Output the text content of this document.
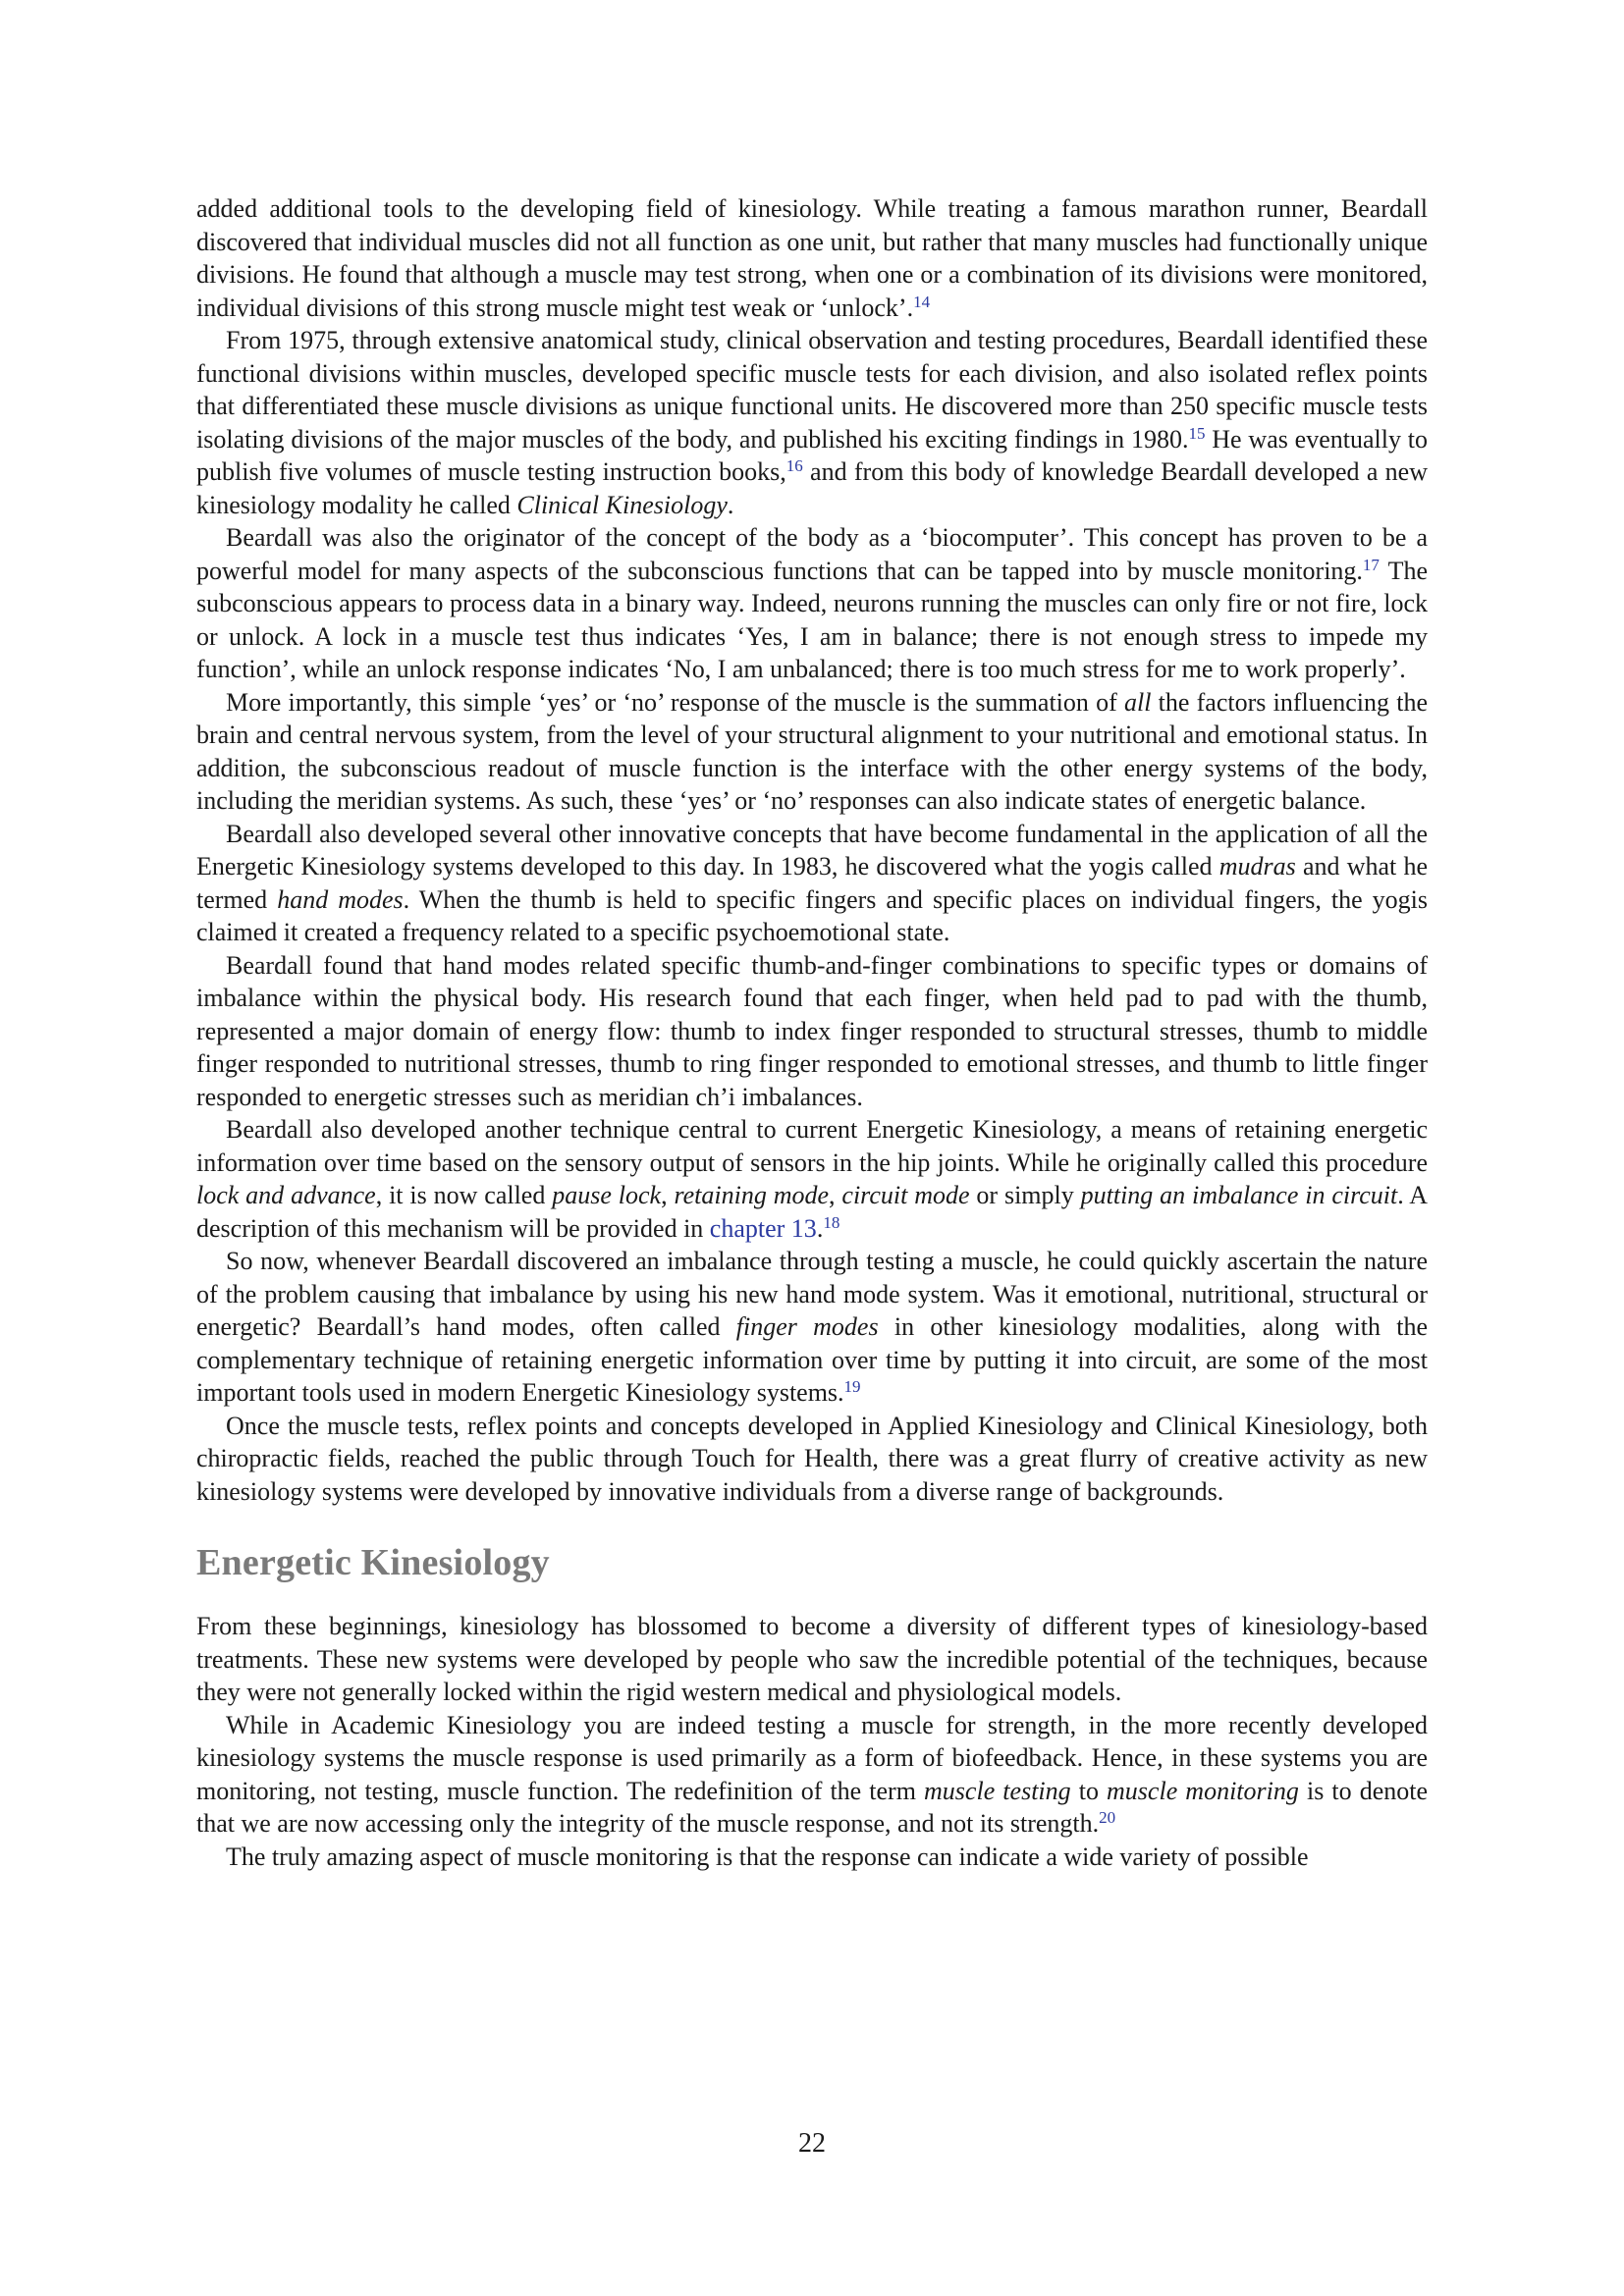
added additional tools to the developing field of kinesiology. While treating a famous marathon runner, Beardall discovered that individual muscles did not all function as one unit, but rather that many muscles had functionally unique divisions. He found that although a muscle may test strong, when one or a combination of its divisions were monitored, individual divisions of this strong muscle might test weak or ‘unlock’.$^{14}$

From 1975, through extensive anatomical study, clinical observation and testing procedures, Beardall identified these functional divisions within muscles, developed specific muscle tests for each division, and also isolated reflex points that differentiated these muscle divisions as unique functional units. He discovered more than 250 specific muscle tests isolating divisions of the major muscles of the body, and published his exciting findings in 1980.15 He was eventually to publish five volumes of muscle testing instruction books,$^{16}$ and from this body of knowledge Beardall developed a new kinesiology modality he called Clinical Kinesiology.

Beardall was also the originator of the concept of the body as a ‘biocomputer’. This concept has proven to be a powerful model for many aspects of the subconscious functions that can be tapped into by muscle monitoring.$^{17}$ The subconscious appears to process data in a binary way. Indeed, neurons running the muscles can only fire or not fire, lock or unlock. A lock in a muscle test thus indicates ‘Yes, I am in balance; there is not enough stress to impede my function’, while an unlock response indicates ‘No, I am unbalanced; there is too much stress for me to work properly’.

More importantly, this simple ‘yes’ or ‘no’ response of the muscle is the summation of all the factors influencing the brain and central nervous system, from the level of your structural alignment to your nutritional and emotional status. In addition, the subconscious readout of muscle function is the interface with the other energy systems of the body, including the meridian systems. As such, these ‘yes’ or ‘no’ responses can also indicate states of energetic balance.

Beardall also developed several other innovative concepts that have become fundamental in the application of all the Energetic Kinesiology systems developed to this day. In 1983, he discovered what the yogis called mudras and what he termed hand modes. When the thumb is held to specific fingers and specific places on individual fingers, the yogis claimed it created a frequency related to a specific psychoemotional state.

Beardall found that hand modes related specific thumb-and-finger combinations to specific types or domains of imbalance within the physical body. His research found that each finger, when held pad to pad with the thumb, represented a major domain of energy flow: thumb to index finger responded to structural stresses, thumb to middle finger responded to nutritional stresses, thumb to ring finger responded to emotional stresses, and thumb to little finger responded to energetic stresses such as meridian ch’i imbalances.

Beardall also developed another technique central to current Energetic Kinesiology, a means of retaining energetic information over time based on the sensory output of sensors in the hip joints. While he originally called this procedure lock and advance, it is now called pause lock, retaining mode, circuit mode or simply putting an imbalance in circuit. A description of this mechanism will be provided in chapter 13.18

So now, whenever Beardall discovered an imbalance through testing a muscle, he could quickly ascertain the nature of the problem causing that imbalance by using his new hand mode system. Was it emotional, nutritional, structural or energetic? Beardall’s hand modes, often called finger modes in other kinesiology modalities, along with the complementary technique of retaining energetic information over time by putting it into circuit, are some of the most important tools used in modern Energetic Kinesiology systems.$^{19}$

Once the muscle tests, reflex points and concepts developed in Applied Kinesiology and Clinical Kinesiology, both chiropractic fields, reached the public through Touch for Health, there was a great flurry of creative activity as new kinesiology systems were developed by innovative individuals from a diverse range of backgrounds.

Energetic Kinesiology

From these beginnings, kinesiology has blossomed to become a diversity of different types of kinesiology-based treatments. These new systems were developed by people who saw the incredible potential of the techniques, because they were not generally locked within the rigid western medical and physiological models.

While in Academic Kinesiology you are indeed testing a muscle for strength, in the more recently developed kinesiology systems the muscle response is used primarily as a form of biofeedback. Hence, in these systems you are monitoring, not testing, muscle function. The redefinition of the term muscle testing to muscle monitoring is to denote that we are now accessing only the integrity of the muscle response, and not its strength.$^{20}$

The truly amazing aspect of muscle monitoring is that the response can indicate a wide variety of possible

22
